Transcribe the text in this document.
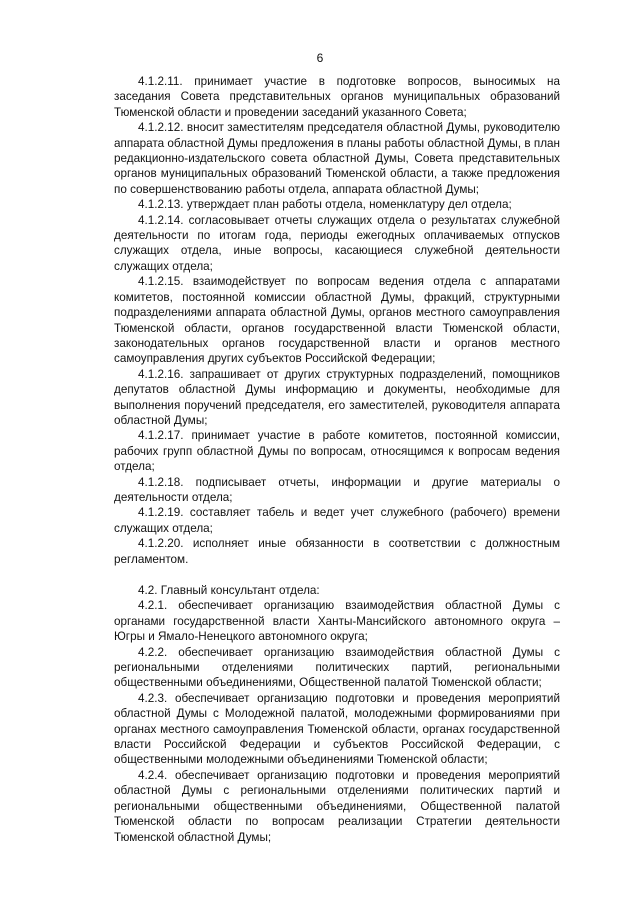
6

4.1.2.11. принимает участие в подготовке вопросов, выносимых на заседания Совета представительных органов муниципальных образований Тюменской области и проведении заседаний указанного Совета;

4.1.2.12. вносит заместителям председателя областной Думы, руководителю аппарата областной Думы предложения в планы работы областной Думы, в план редакционно-издательского совета областной Думы, Совета представительных органов муниципальных образований Тюменской области, а также предложения по совершенствованию работы отдела, аппарата областной Думы;

4.1.2.13. утверждает план работы отдела, номенклатуру дел отдела;

4.1.2.14. согласовывает отчеты служащих отдела о результатах служебной деятельности по итогам года, периоды ежегодных оплачиваемых отпусков служащих отдела, иные вопросы, касающиеся служебной деятельности служащих отдела;

4.1.2.15. взаимодействует по вопросам ведения отдела с аппаратами комитетов, постоянной комиссии областной Думы, фракций, структурными подразделениями аппарата областной Думы, органов местного самоуправления Тюменской области, органов государственной власти Тюменской области, законодательных органов государственной власти и органов местного самоуправления других субъектов Российской Федерации;

4.1.2.16. запрашивает от других структурных подразделений, помощников депутатов областной Думы информацию и документы, необходимые для выполнения поручений председателя, его заместителей, руководителя аппарата областной Думы;

4.1.2.17. принимает участие в работе комитетов, постоянной комиссии, рабочих групп областной Думы по вопросам, относящимся к вопросам ведения отдела;

4.1.2.18. подписывает отчеты, информации и другие материалы о деятельности отдела;

4.1.2.19. составляет табель и ведет учет служебного (рабочего) времени служащих отдела;

4.1.2.20. исполняет иные обязанности в соответствии с должностным регламентом.

4.2. Главный консультант отдела:

4.2.1. обеспечивает организацию взаимодействия областной Думы с органами государственной власти Ханты-Мансийского автономного округа – Югры и Ямало-Ненецкого автономного округа;

4.2.2. обеспечивает организацию взаимодействия областной Думы с региональными отделениями политических партий, региональными общественными объединениями, Общественной палатой Тюменской области;

4.2.3. обеспечивает организацию подготовки и проведения мероприятий областной Думы с Молодежной палатой, молодежными формированиями при органах местного самоуправления Тюменской области, органах государственной власти Российской Федерации и субъектов Российской Федерации, с общественными молодежными объединениями Тюменской области;

4.2.4. обеспечивает организацию подготовки и проведения мероприятий областной Думы с региональными отделениями политических партий и региональными общественными объединениями, Общественной палатой Тюменской области по вопросам реализации Стратегии деятельности Тюменской областной Думы;
